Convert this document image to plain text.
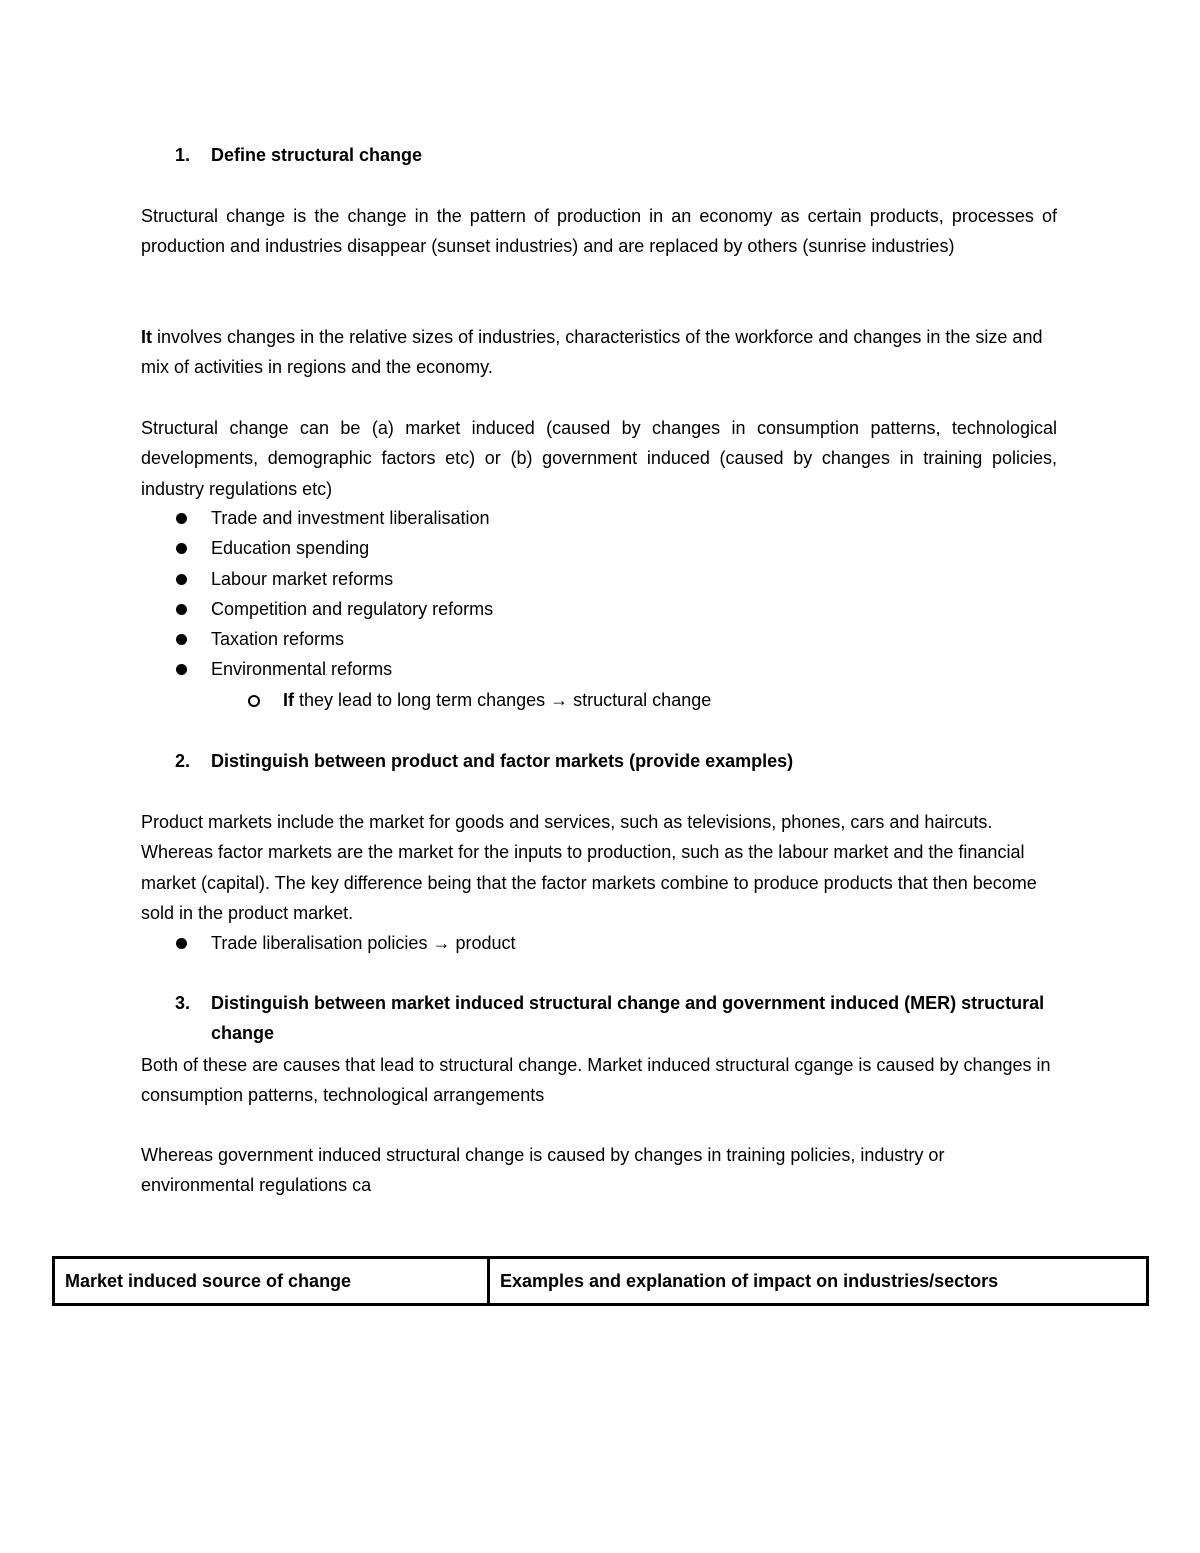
1. Define structural change
Structural change is the change in the pattern of production in an economy as certain products, processes of production and industries disappear (sunset industries) and are replaced by others (sunrise industries)
It involves changes in the relative sizes of industries, characteristics of the workforce and changes in the size and mix of activities in regions and the economy.
Structural change can be (a) market induced (caused by changes in consumption patterns, technological developments, demographic factors etc) or (b) government induced (caused by changes in training policies, industry regulations etc)
Trade and investment liberalisation
Education spending
Labour market reforms
Competition and regulatory reforms
Taxation reforms
Environmental reforms
If they lead to long term changes → structural change
2. Distinguish between product and factor markets (provide examples)
Product markets include the market for goods and services, such as televisions, phones, cars and haircuts. Whereas factor markets are the market for the inputs to production, such as the labour market and the financial market (capital). The key difference being that the factor markets combine to produce products that then become sold in the product market.
Trade liberalisation policies → product
3. Distinguish between market induced structural change and government induced (MER) structural change
Both of these are causes that lead to structural change. Market induced structural cgange is caused by changes in consumption patterns, technological arrangements
Whereas government induced structural change is caused by changes in training policies, industry or environmental regulations ca
Market induced source of change	Examples and explanation of impact on industries/sectors
